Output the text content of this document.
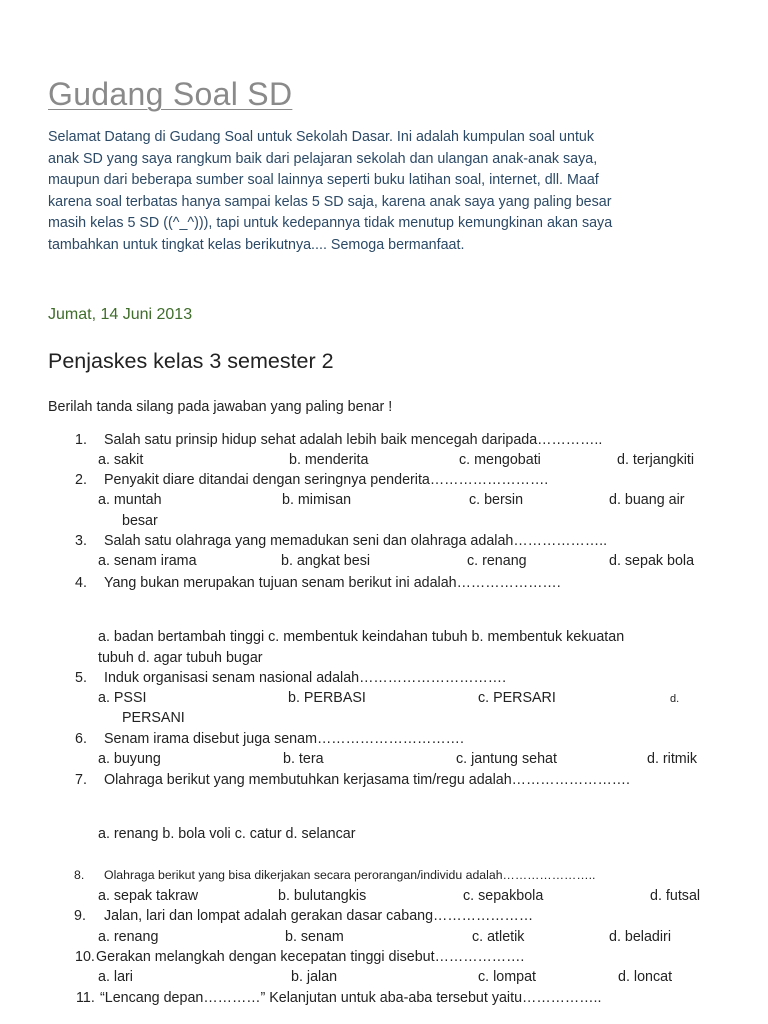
Gudang Soal SD
Selamat Datang di Gudang Soal untuk Sekolah Dasar. Ini adalah kumpulan soal untuk
anak SD yang saya rangkum baik dari pelajaran sekolah dan ulangan anak-anak saya,
maupun dari beberapa sumber soal lainnya seperti buku latihan soal, internet, dll. Maaf
karena soal terbatas hanya sampai kelas 5 SD saja, karena anak saya yang paling besar
masih kelas 5 SD ((^_^))), tapi untuk kedepannya tidak menutup kemungkinan akan saya
tambahkan untuk tingkat kelas berikutnya.... Semoga bermanfaat.
Jumat, 14 Juni 2013
Penjaskes kelas 3 semester 2
Berilah tanda silang pada jawaban yang paling benar !
1. Salah satu prinsip hidup sehat adalah lebih baik mencegah daripada…………..
a. sakit	b. menderita	c. mengobati	d. terjangkiti
2. Penyakit diare ditandai dengan seringnya penderita…………………….
a. muntah	b. mimisan	c. bersin	d. buang air
besar
3. Salah satu olahraga yang memadukan seni dan olahraga adalah………………..
a. senam irama	b. angkat besi	c. renang	d. sepak bola
4. Yang bukan merupakan tujuan senam berikut ini adalah………………….
a. badan bertambah tinggi c. membentuk keindahan tubuh b. membentuk kekuatan
tubuh d. agar tubuh bugar
5. Induk organisasi senam nasional adalah………………………….
a. PSSI	b. PERBASI	c. PERSARI	d.
PERSANI
6. Senam irama disebut juga senam………………………….
a. buyung	b. tera	c. jantung sehat	d. ritmik
7. Olahraga berikut yang membutuhkan kerjasama tim/regu adalah…………………….
a. renang b. bola voli c. catur d. selancar
8. Olahraga berikut yang bisa dikerjakan secara perorangan/individu adalah…………………..
a. sepak takraw	b. bulutangkis	c. sepakbola	d. futsal
9. Jalan, lari dan lompat adalah gerakan dasar cabang…………………
a. renang	b. senam	c. atletik	d. beladiri
10. Gerakan melangkah dengan kecepatan tinggi disebut……………….
a. lari	b. jalan	c. lompat	d. loncat
11. “Lencang depan…………” Kelanjutan untuk aba-aba tersebut yaitu……………..
